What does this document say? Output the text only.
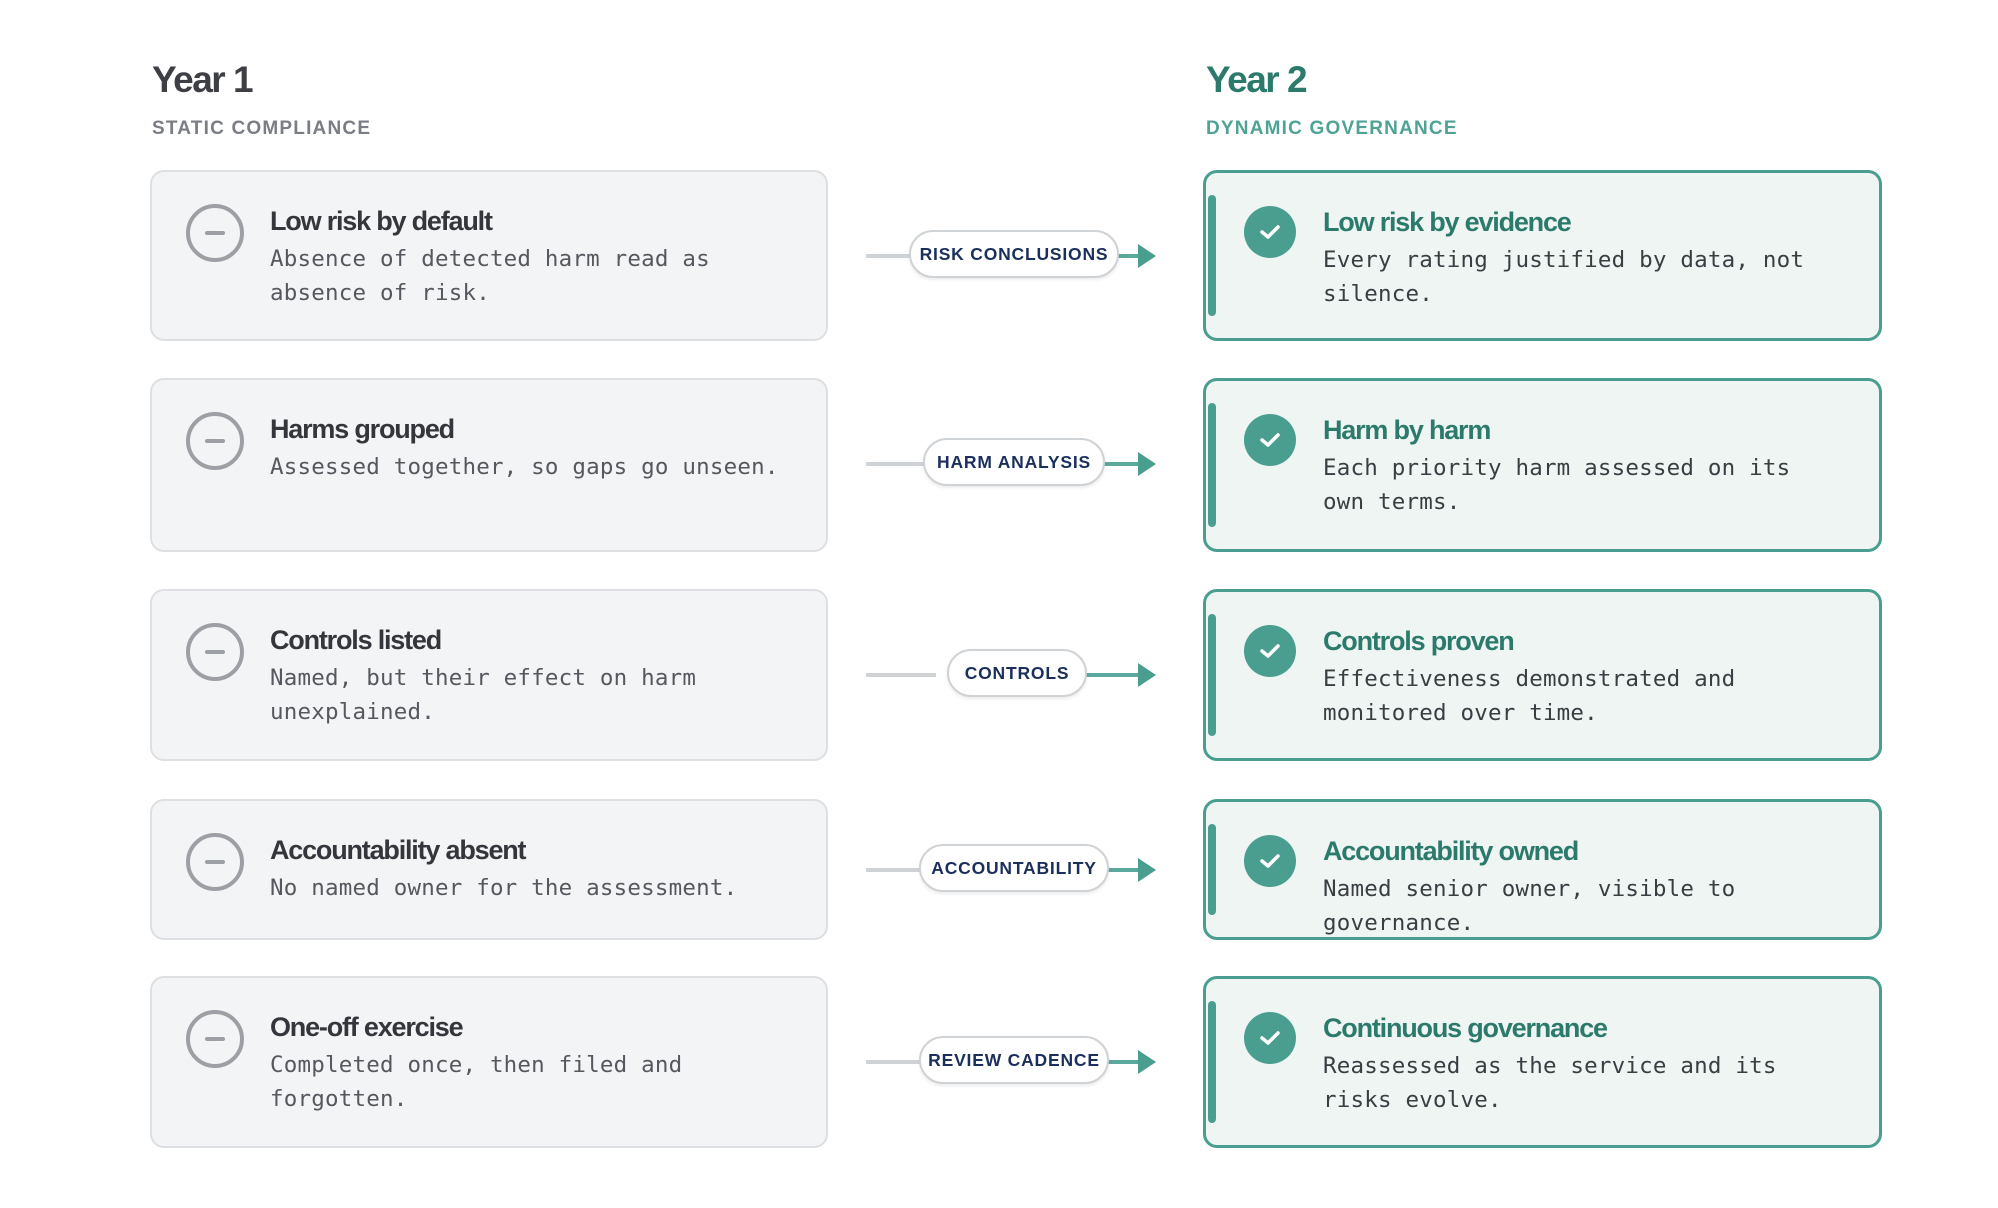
Year 1
STATIC COMPLIANCE
Year 2
DYNAMIC GOVERNANCE
Low risk by default
Absence of detected harm read as absence of risk.
RISK CONCLUSIONS
Low risk by evidence
Every rating justified by data, not silence.
Harms grouped
Assessed together, so gaps go unseen.	HARM ANALYSIS
Harm by harm
Each priority harm assessed on its own terms.
Controls listed
Named, but their effect on harm unexplained.
CONTROLS
Controls proven
Effectiveness demonstrated and monitored over time.
Accountability absent
No named owner for the assessment.
ACCOUNTABILITY
Accountability owned
Named senior owner, visible to governance.
One-off exercise
Completed once, then filed and forgotten.
REVIEW CADENCE
Continuous governance
Reassessed as the service and its risks evolve.
